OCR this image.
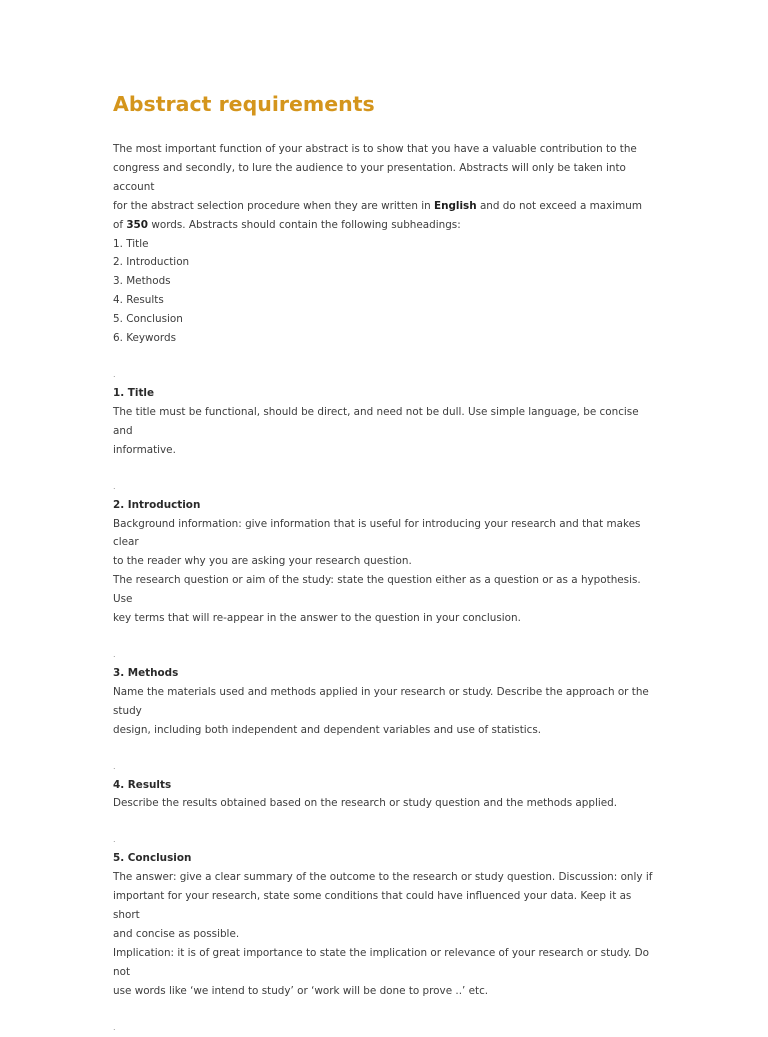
Abstract requirements

The most important function of your abstract is to show that you have a valuable contribution to the

congress and secondly, to lure the audience to your presentation. Abstracts will only be taken into account

for the abstract selection procedure when they are written in English and do not exceed a maximum

of 350 words. Abstracts should contain the following subheadings:

1. Title
2. Introduction
3. Methods
4. Results
5. Conclusion
6. Keywords

.

1. Title

The title must be functional, should be direct, and need not be dull. Use simple language, be concise and

informative.

.

2. Introduction

Background information: give information that is useful for introducing your research and that makes clear

to the reader why you are asking your research question.

The research question or aim of the study: state the question either as a question or as a hypothesis. Use

key terms that will re-appear in the answer to the question in your conclusion.

.

3. Methods

Name the materials used and methods applied in your research or study. Describe the approach or the study

design, including both independent and dependent variables and use of statistics.

.

4. Results

Describe the results obtained based on the research or study question and the methods applied.

.

5. Conclusion

The answer: give a clear summary of the outcome to the research or study question. Discussion: only if

important for your research, state some conditions that could have influenced your data. Keep it as short

and concise as possible.

Implication: it is of great importance to state the implication or relevance of your research or study. Do not

use words like ‘we intend to study’ or ‘work will be done to prove ..’ etc.

.
